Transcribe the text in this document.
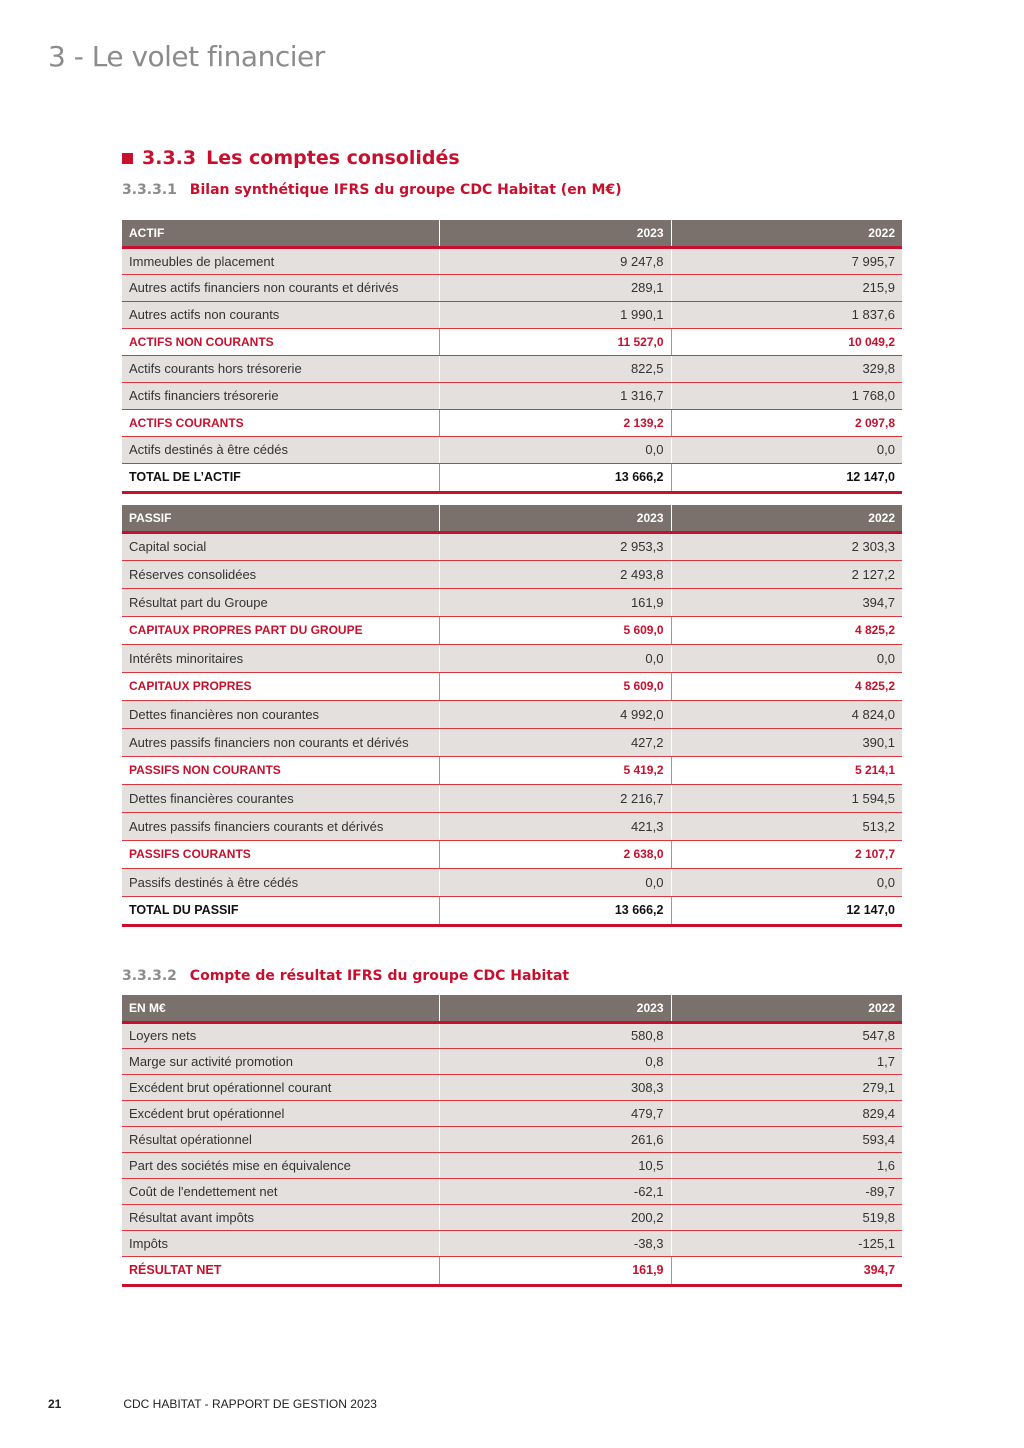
3 - Le volet financier
3.3.3 Les comptes consolidés
3.3.3.1 Bilan synthétique IFRS du groupe CDC Habitat (en M€)
ACTIF	2023	2022
Immeubles de placement	9 247,8	7 995,7
Autres actifs financiers non courants et dérivés	289,1	215,9
Autres actifs non courants	1 990,1	1 837,6
ACTIFS NON COURANTS	11 527,0	10 049,2
Actifs courants hors trésorerie	822,5	329,8
Actifs financiers trésorerie	1 316,7	1 768,0
ACTIFS COURANTS	2 139,2	2 097,8
Actifs destinés à être cédés	0,0	0,0
TOTAL DE L’ACTIF	13 666,2	12 147,0
PASSIF	2023	2022
Capital social	2 953,3	2 303,3
Réserves consolidées	2 493,8	2 127,2
Résultat part du Groupe	161,9	394,7
CAPITAUX PROPRES PART DU GROUPE	5 609,0	4 825,2
Intérêts minoritaires	0,0	0,0
CAPITAUX PROPRES	5 609,0	4 825,2
Dettes financières non courantes	4 992,0	4 824,0
Autres passifs financiers non courants et dérivés	427,2	390,1
PASSIFS NON COURANTS	5 419,2	5 214,1
Dettes financières courantes	2 216,7	1 594,5
Autres passifs financiers courants et dérivés	421,3	513,2
PASSIFS COURANTS	2 638,0	2 107,7
Passifs destinés à être cédés	0,0	0,0
TOTAL DU PASSIF	13 666,2	12 147,0
3.3.3.2 Compte de résultat IFRS du groupe CDC Habitat
EN M€	2023	2022
Loyers nets	580,8	547,8
Marge sur activité promotion	0,8	1,7
Excédent brut opérationnel courant	308,3	279,1
Excédent brut opérationnel	479,7	829,4
Résultat opérationnel	261,6	593,4
Part des sociétés mise en équivalence	10,5	1,6
Coût de l'endettement net	-62,1	-89,7
Résultat avant impôts	200,2	519,8
Impôts	-38,3	-125,1
RÉSULTAT NET	161,9	394,7
21	CDC HABITAT - RAPPORT DE GESTION 2023
